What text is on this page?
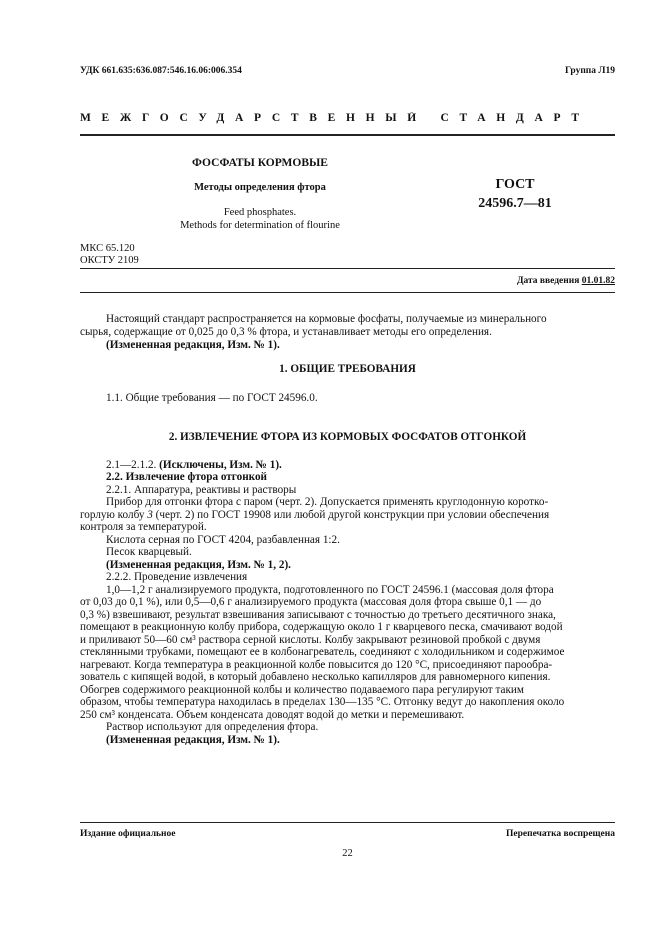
УДК 661.635:636.087:546.16.06:006.354	Группа Л19
МЕЖГОСУДАРСТВЕННЫЙ СТАНДАРТ
ФОСФАТЫ КОРМОВЫЕ
Методы определения фтора
Feed phosphates.
Methods for determination of flourine
ГОСТ
24596.7—81
МКС 65.120
ОКСТУ 2109
Дата введения 01.01.82
Настоящий стандарт распространяется на кормовые фосфаты, получаемые из минерального
сырья, содержащие от 0,025 до 0,3 % фтора, и устанавливает методы его определения.
(Измененная редакция, Изм. № 1).
1. ОБЩИЕ ТРЕБОВАНИЯ
1.1. Общие требования — по ГОСТ 24596.0.
2. ИЗВЛЕЧЕНИЕ ФТОРА ИЗ КОРМОВЫХ ФОСФАТОВ ОТГОНКОЙ
2.1—2.1.2. (Исключены, Изм. № 1).
2.2. Извлечение фтора отгонкой
2.2.1. Аппаратура, реактивы и растворы
Прибор для отгонки фтора с паром (черт. 2). Допускается применять круглодонную коротко-
горлую колбу 3 (черт. 2) по ГОСТ 19908 или любой другой конструкции при условии обеспечения
контроля за температурой.
Кислота серная по ГОСТ 4204, разбавленная 1:2.
Песок кварцевый.
(Измененная редакция, Изм. № 1, 2).
2.2.2. Проведение извлечения
1,0—1,2 г анализируемого продукта, подготовленного по ГОСТ 24596.1 (массовая доля фтора
от 0,03 до 0,1 %), или 0,5—0,6 г анализируемого продукта (массовая доля фтора свыше 0,1 — до
0,3 %) взвешивают, результат взвешивания записывают с точностью до третьего десятичного знака,
помещают в реакционную колбу прибора, содержащую около 1 г кварцевого песка, смачивают водой
и приливают 50—60 см³ раствора серной кислоты. Колбу закрывают резиновой пробкой с двумя
стеклянными трубками, помещают ее в колбонагреватель, соединяют с холодильником и содержимое
нагревают. Когда температура в реакционной колбе повысится до 120 °С, присоединяют парообра-
зователь с кипящей водой, в который добавлено несколько капилляров для равномерного кипения.
Обогрев содержимого реакционной колбы и количество подаваемого пара регулируют таким
образом, чтобы температура находилась в пределах 130—135 °С. Отгонку ведут до накопления около
250 см³ конденсата. Объем конденсата доводят водой до метки и перемешивают.
Раствор используют для определения фтора.
(Измененная редакция, Изм. № 1).
Издание официальное	Перепечатка воспрещена
22
